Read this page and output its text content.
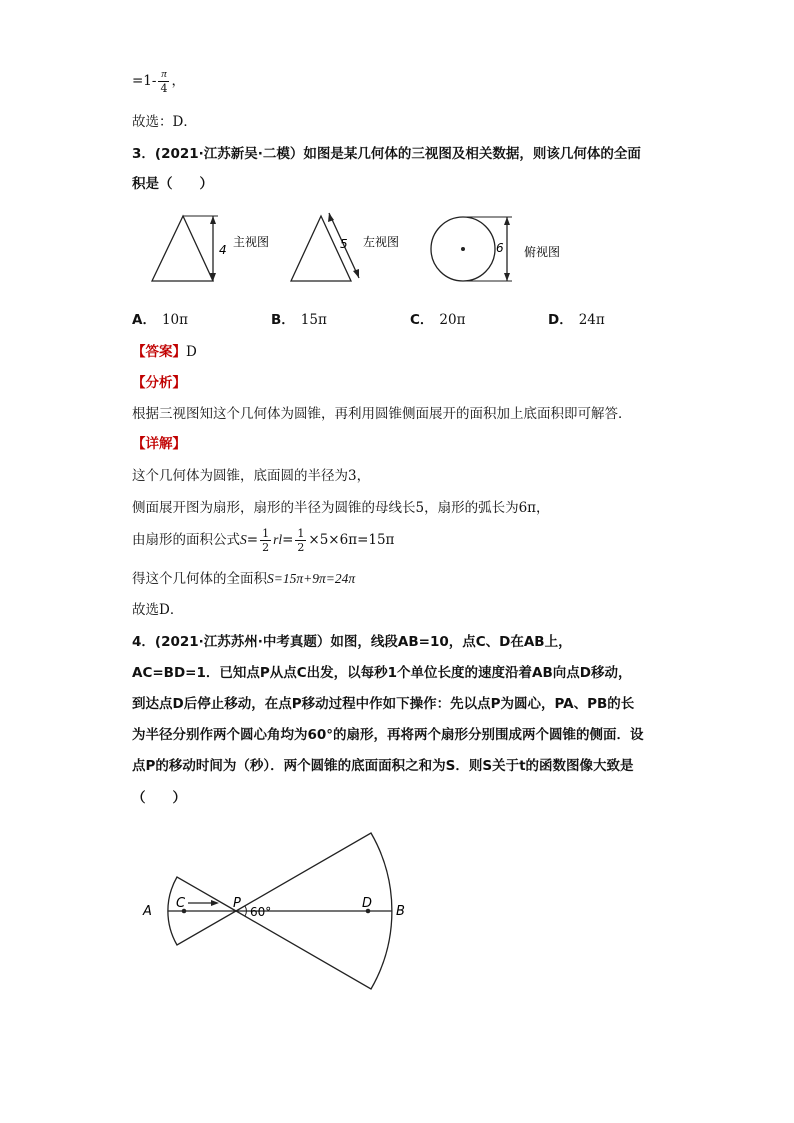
$=1- \frac{\pi}{4}$ ，
故选：D．
3．(2021·江苏新吴·二模）如图是某几何体的三视图及相关数据，则该几何体的全面
积是（　　）
4
主视图	5 左视图	6 俯视图
A． 10π	B． 15π	C． 20π	D． 24π
【答案】D
【分析】
根据三视图知这个几何体为圆锥，再利用圆锥侧面展开的面积加上底面积即可解答．
【详解】
这个几何体为圆锥，底面圆的半径为3，
侧面展开图为扇形，扇形的半径为圆锥的母线长5，扇形的弧长为6π，
由扇形的面积公式$S= \frac{1}{2} rl= \frac{1}{2} \times 5\times 6\pi=15\pi$
得这个几何体的全面积S=15π+9π=24π
故选D．
4．(2021·江苏苏州·中考真题）如图，线段AB=10，点C、D在AB上，
AC=BD=1．已知点P从点C出发，以每秒1个单位长度的速度沿着AB向点D移动，
到达点D后停止移动，在点P移动过程中作如下操作：先以点P为圆心，PA、PB的长
为半径分别作两个圆心角均为60°的扇形，再将两个扇形分别围成两个圆锥的侧面．设
点P的移动时间为（秒）．两个圆锥的底面面积之和为S．则S关于t的函数图像大致是
（　　）
A
C	P
60°
D
B
